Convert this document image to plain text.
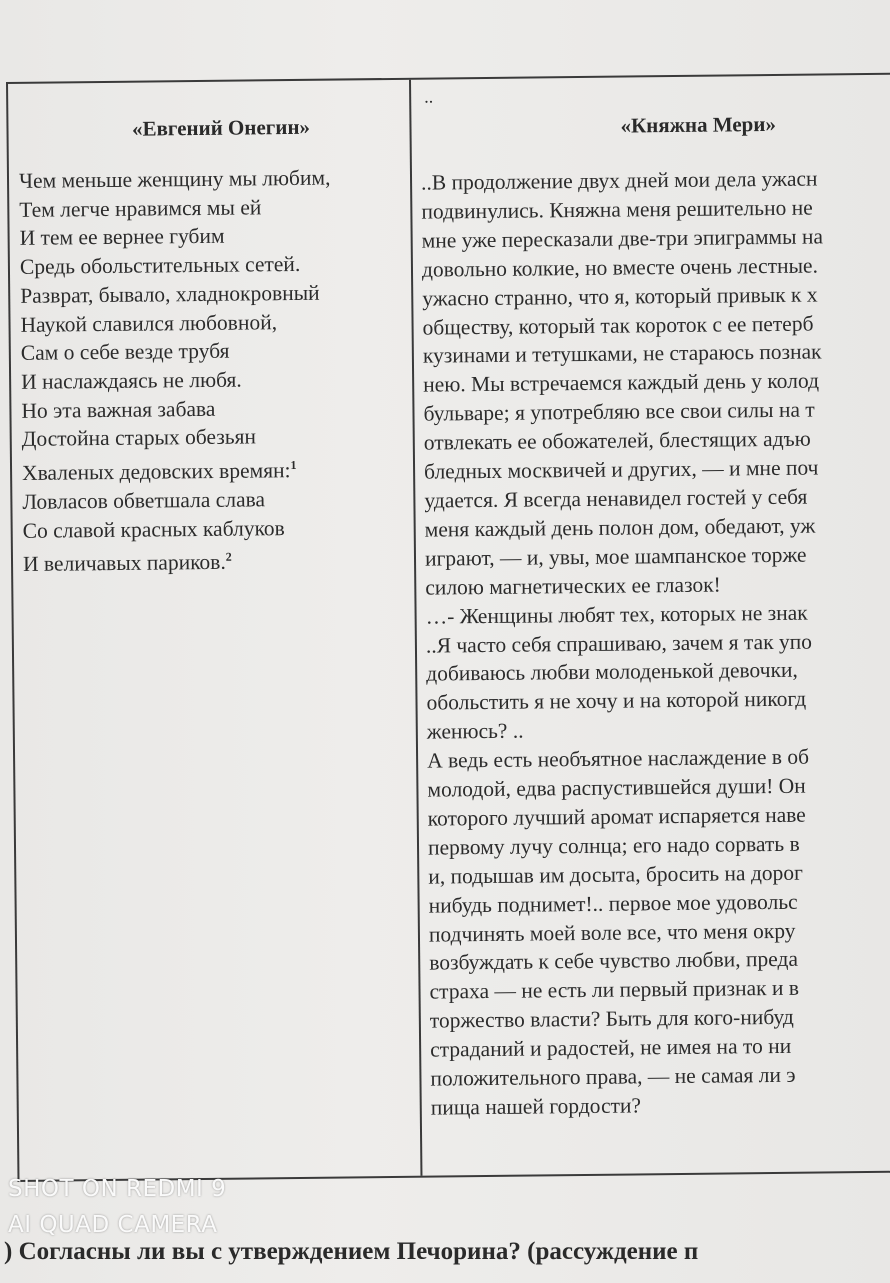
«Евгений Онегин»
Чем меньше женщину мы любим,
Тем легче нравимся мы ей
И тем ее вернее губим
Средь обольстительных сетей.
Разврат, бывало, хладнокровный
Наукой славился любовной,
Сам о себе везде трубя
И наслаждаясь не любя.
Но эта важная забава
Достойна старых обезьян
Хваленых дедовских времян:$^1$
Ловласов обветшала слава
Со славой красных каблуков
И величавых париков.$^2$
..
«Княжна Мери»
..В продолжение двух дней мои дела ужасн
подвинулись. Княжна меня решительно не
мне уже пересказали две-три эпиграммы на
довольно колкие, но вместе очень лестные.
ужасно странно, что я, который привык к х
обществу, который так короток с ее петерб
кузинами и тетушками, не стараюсь познак
нею. Мы встречаемся каждый день у колод
бульваре; я употребляю все свои силы на т
отвлекать ее обожателей, блестящих адъю
бледных москвичей и других, — и мне поч
удается. Я всегда ненавидел гостей у себя
меня каждый день полон дом, обедают, уж
играют, — и, увы, мое шампанское торже
силою магнетических ее глазок!
…- Женщины любят тех, которых не знак
..Я часто себя спрашиваю, зачем я так упо
добиваюсь любви молоденькой девочки,
обольстить я не хочу и на которой никогд
женюсь? ..
А ведь есть необъятное наслаждение в об
молодой, едва распустившейся души! Он
которого лучший аромат испаряется наве
первому лучу солнца; его надо сорвать в
и, подышав им досыта, бросить на дорог
нибудь поднимет!.. первое мое удовольс
подчинять моей воле все, что меня окру
возбуждать к себе чувство любви, преда
страха — не есть ли первый признак и в
торжество власти? Быть для кого-нибуд
страданий и радостей, не имея на то ни
положительного права, — не самая ли э
пища нашей гордости?
SHOT ON REDMI 9
AI QUAD CAMERA
) Согласны ли вы с утверждением Печорина? (рассуждение п
